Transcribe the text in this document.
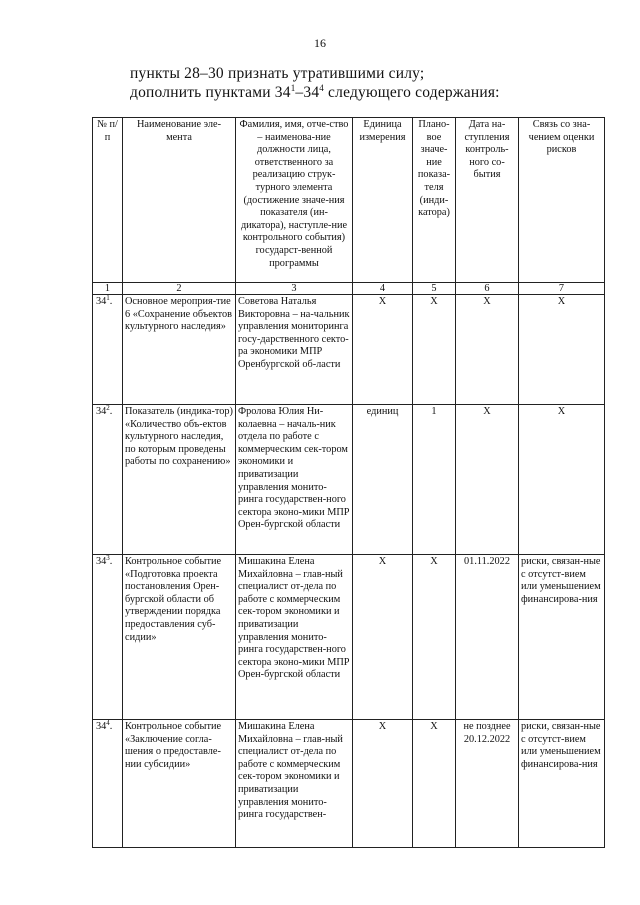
16

пункты 28–30 признать утратившими силу;

дополнить пунктами $34^1-34^4$ следующего содержания:

№ п/п	Наименование эле-мента	Фамилия, имя, отче-ство – наименова-ние должности лица, ответственного за реализацию струк-турного элемента (достижение значе-ния показателя (ин-дикатора), наступле-ние контрольного события) государст-венной программы	Единица измерения	Плано-вое значе-ние показа-теля (инди-катора)	Дата на-ступления контроль-ного со-бытия	Связь со зна-чением оценки рисков
1	2	3	4	5	6	7
$34^1$.	Основное мероприя-тие 6 «Сохранение объектов культурного наследия»	Советова Наталья Викторовна – на-чальник управления мониторинга госу-дарственного секто-ра экономики МПР Оренбургской об-ласти	Х	Х	Х	Х
$34^2$.	Показатель (индика-тор) «Количество объ-ектов культурного наследия, по которым проведены работы по сохранению»	Фролова Юлия Ни-колаевна – началь-ник отдела по работе с коммерческим сек-тором экономики и приватизации управления монито-ринга государствен-ного сектора эконо-мики МПР Орен-бургской области	единиц	1	Х	Х
$34^3$.	Контрольное событие «Подготовка проекта постановления Орен-бургской области об утверждении порядка предоставления суб-сидии»	Мишакина Елена Михайловна – глав-ный специалист от-дела по работе с коммерческим сек-тором экономики и приватизации управления монито-ринга государствен-ного сектора эконо-мики МПР Орен-бургской области	Х	Х	01.11.2022	риски, связан-ные с отсутст-вием или уменьшением финансирова-ния
$34^4$.	Контрольное событие «Заключение согла-шения о предоставле-нии субсидии»	Мишакина Елена Михайловна – глав-ный специалист от-дела по работе с коммерческим сек-тором экономики и приватизации управления монито-ринга государствен-	Х	Х	не позднее 20.12.2022	риски, связан-ные с отсутст-вием или уменьшением финансирова-ния
